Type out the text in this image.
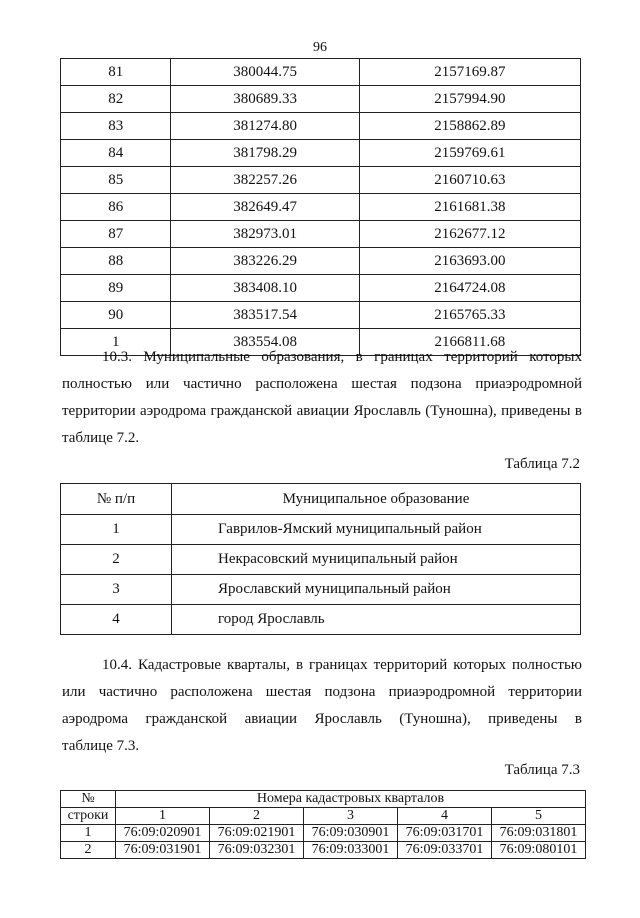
96
81	380044.75	2157169.87
82	380689.33	2157994.90
83	381274.80	2158862.89
84	381798.29	2159769.61
85	382257.26	2160710.63
86	382649.47	2161681.38
87	382973.01	2162677.12
88	383226.29	2163693.00
89	383408.10	2164724.08
90	383517.54	2165765.33
1	383554.08	2166811.68
10.3. Муниципальные образования, в границах территорий которых
полностью или частично расположена шестая подзона приаэродромной
территории аэродрома гражданской авиации Ярославль (Туношна), приведены в
таблице 7.2.
Таблица 7.2
№ п/п	Муниципальное образование
1	Гаврилов-Ямский муниципальный район
2	Некрасовский муниципальный район
3	Ярославский муниципальный район
4	город Ярославль
10.4. Кадастровые кварталы, в границах территорий которых полностью
или частично расположена шестая подзона приаэродромной территории
аэродрома гражданской авиации Ярославль (Туношна), приведены в
таблице 7.3.
Таблица 7.3
№	Номера кадастровых кварталов				
строки	1	2	3	4	5
1	76:09:020901	76:09:021901	76:09:030901	76:09:031701	76:09:031801
2	76:09:031901	76:09:032301	76:09:033001	76:09:033701	76:09:080101
